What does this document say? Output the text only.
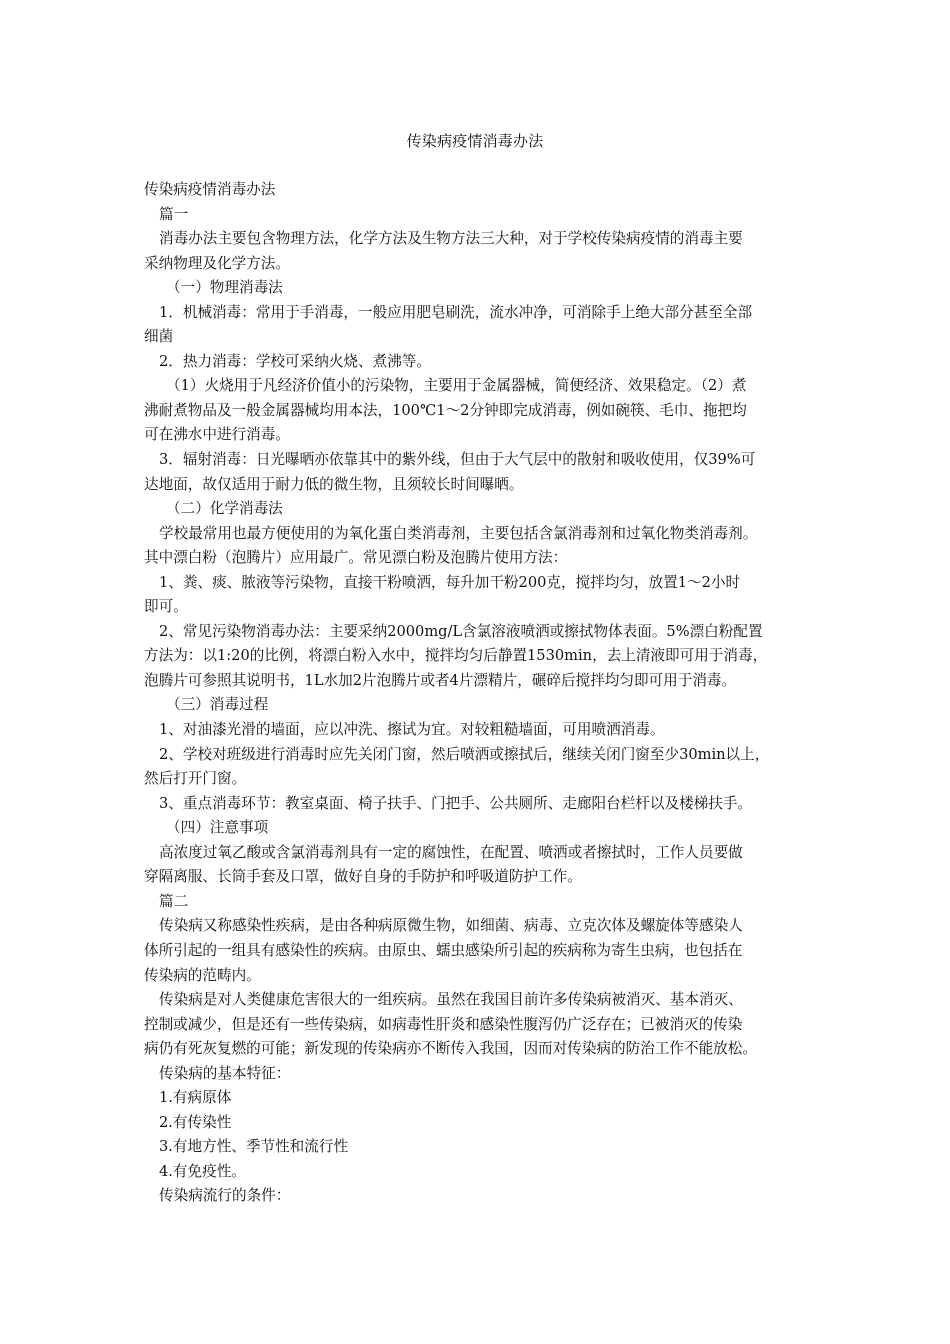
传染病疫情消毒办法
传染病疫情消毒办法
篇一
消毒办法主要包含物理方法，化学方法及生物方法三大种，对于学校传染病疫情的消毒主要
采纳物理及化学方法。
（一）物理消毒法
1．机械消毒：常用于手消毒，一般应用肥皂刷洗，流水冲净，可消除手上绝大部分甚至全部
细菌
2．热力消毒：学校可采纳火烧、煮沸等。
（1）火烧用于凡经济价值小的污染物，主要用于金属器械，简便经济、效果稳定。（2）煮
沸耐煮物品及一般金属器械均用本法，100℃1～2分钟即完成消毒，例如碗筷、毛巾、拖把均
可在沸水中进行消毒。
3．辐射消毒：日光曝晒亦依靠其中的紫外线，但由于大气层中的散射和吸收使用，仅39%可
达地面，故仅适用于耐力低的微生物，且须较长时间曝晒。
（二）化学消毒法
学校最常用也最方便使用的为氧化蛋白类消毒剂，主要包括含氯消毒剂和过氧化物类消毒剂。
其中漂白粉（泡腾片）应用最广。常见漂白粉及泡腾片使用方法：
1、粪、痰、脓液等污染物，直接干粉喷洒，每升加干粉200克，搅拌均匀，放置1～2小时
即可。
2、常见污染物消毒办法：主要采纳2000mg/L含氯溶液喷洒或擦拭物体表面。5%漂白粉配置
方法为：以1:20的比例，将漂白粉入水中，搅拌均匀后静置1530min，去上清液即可用于消毒，
泡腾片可参照其说明书，1L水加2片泡腾片或者4片漂精片，碾碎后搅拌均匀即可用于消毒。
（三）消毒过程
1、对油漆光滑的墙面，应以冲洗、擦试为宜。对较粗糙墙面，可用喷洒消毒。
2、学校对班级进行消毒时应先关闭门窗，然后喷洒或擦拭后，继续关闭门窗至少30min以上，
然后打开门窗。
3、重点消毒环节：教室桌面、椅子扶手、门把手、公共厕所、走廊阳台栏杆以及楼梯扶手。
（四）注意事项
高浓度过氧乙酸或含氯消毒剂具有一定的腐蚀性，在配置、喷洒或者擦拭时，工作人员要做
穿隔离服、长筒手套及口罩，做好自身的手防护和呼吸道防护工作。
篇二
传染病又称感染性疾病，是由各种病原微生物，如细菌、病毒、立克次体及螺旋体等感染人
体所引起的一组具有感染性的疾病。由原虫、蠕虫感染所引起的疾病称为寄生虫病，也包括在
传染病的范畴内。
传染病是对人类健康危害很大的一组疾病。虽然在我国目前许多传染病被消灭、基本消灭、
控制或减少，但是还有一些传染病，如病毒性肝炎和感染性腹泻仍广泛存在；已被消灭的传染
病仍有死灰复燃的可能；新发现的传染病亦不断传入我国，因而对传染病的防治工作不能放松。
传染病的基本特征：
1.有病原体
2.有传染性
3.有地方性、季节性和流行性
4.有免疫性。
传染病流行的条件：
